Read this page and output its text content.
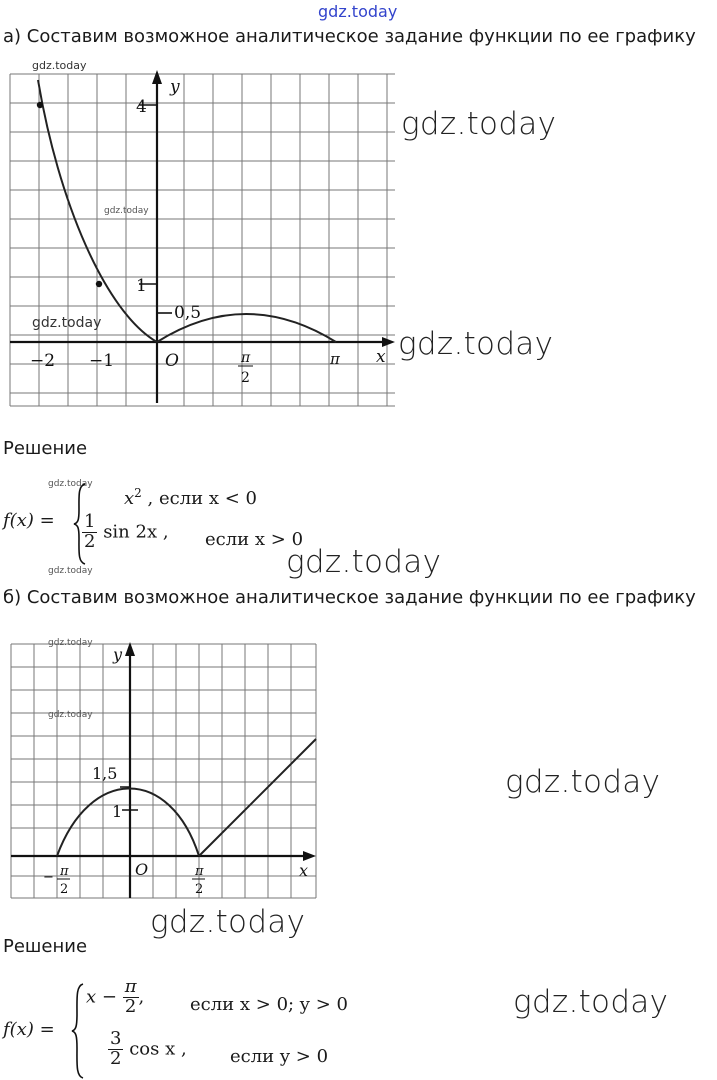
gdz.today
а) Составим возможное аналитическое задание функции по ее графику
y
x
4
1
0,5
−2 −1	O	π
2
π
gdz.today
gdz.today
gdz.today
gdz.today
gdz.today
Решение
gdz.today
f(x) =
$x^2$ , если x < 0
$\frac{1}{2}$ sin 2x , если x > 0
gdz.today	gdz.today
б) Составим возможное аналитическое задание функции по ее графику
y
x
1,5
1
O
− π
2
π
2
gdz.today
gdz.today
gdz.today
gdz.today
Решение
gdz.today
f(x) =
$x - \frac{\pi}{2}$ ,	если x > 0; y > 0
$\frac{3}{2}$ cos x , если y > 0
